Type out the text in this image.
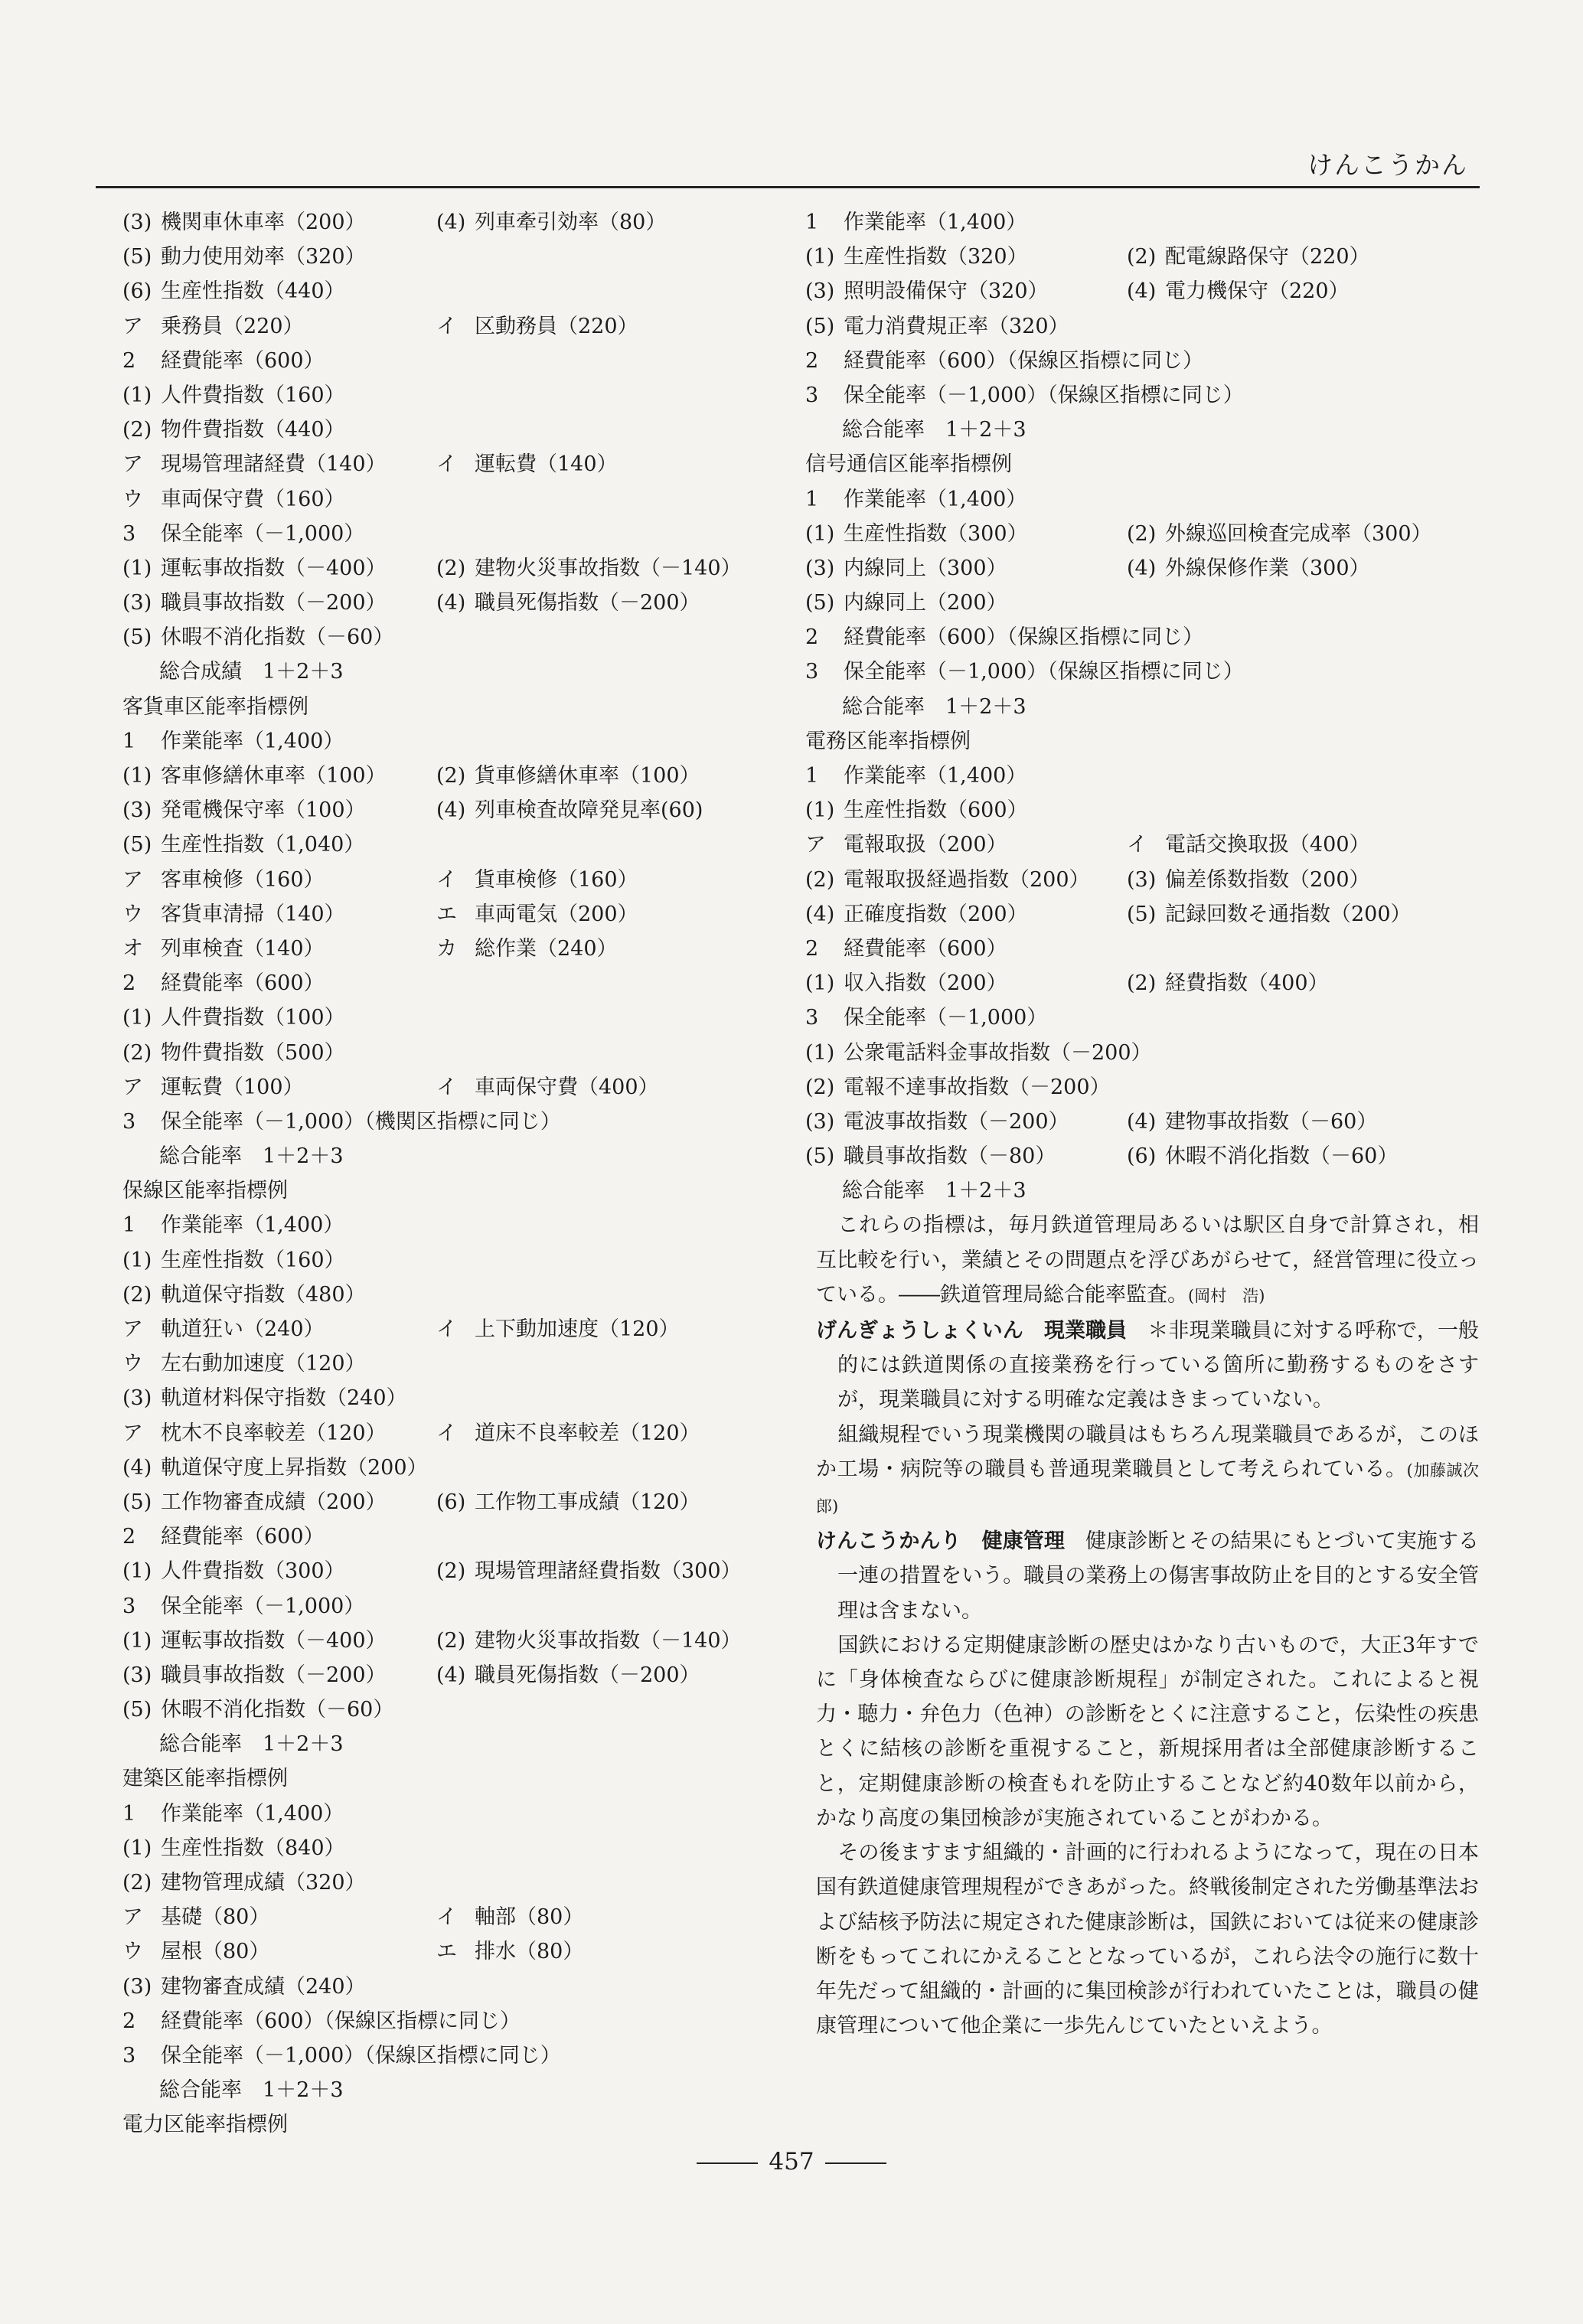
けんこうかん
(3) 機関車休車率（200）	(4) 列車牽引効率（80）
(5) 動力使用効率（320）
(6) 生産性指数（440）
ア 乗務員（220）	イ 区動務員（220）
2	経費能率（600）
(1) 人件費指数（160）
(2) 物件費指数（440）
ア 現場管理諸経費（140）	イ 運転費（140）
ウ 車両保守費（160）
3	保全能率（－1,000）
(1) 運転事故指数（－400）	(2) 建物火災事故指数（－140）
(3) 職員事故指数（－200）	(4) 職員死傷指数（－200）
(5) 休暇不消化指数（－60）
総合成績　1＋2＋3
客貨車区能率指標例
1	作業能率（1,400）
(1) 客車修繕休車率（100）	(2) 貨車修繕休車率（100）
(3) 発電機保守率（100）	(4) 列車検査故障発見率(60)
(5) 生産性指数（1,040）
ア 客車検修（160）	イ 貨車検修（160）
ウ 客貨車清掃（140）	エ 車両電気（200）
オ 列車検査（140）	カ 総作業（240）
2	経費能率（600）
(1) 人件費指数（100）
(2) 物件費指数（500）
ア 運転費（100）	イ 車両保守費（400）
3	保全能率（－1,000）（機関区指標に同じ）
総合能率　1＋2＋3
保線区能率指標例
1	作業能率（1,400）
(1) 生産性指数（160）
(2) 軌道保守指数（480）
ア 軌道狂い（240）	イ 上下動加速度（120）
ウ 左右動加速度（120）
(3) 軌道材料保守指数（240）
ア 枕木不良率較差（120）	イ 道床不良率較差（120）
(4) 軌道保守度上昇指数（200）
(5) 工作物審査成績（200）	(6) 工作物工事成績（120）
2	経費能率（600）
(1) 人件費指数（300）	(2) 現場管理諸経費指数（300）
3	保全能率（－1,000）
(1) 運転事故指数（－400）	(2) 建物火災事故指数（－140）
(3) 職員事故指数（－200）	(4) 職員死傷指数（－200）
(5) 休暇不消化指数（－60）
総合能率　1＋2＋3
建築区能率指標例
1	作業能率（1,400）
(1) 生産性指数（840）
(2) 建物管理成績（320）
ア 基礎（80）	イ 軸部（80）
ウ 屋根（80）	エ 排水（80）
(3) 建物審査成績（240）
2	経費能率（600）（保線区指標に同じ）
3	保全能率（－1,000）（保線区指標に同じ）
総合能率　1＋2＋3
電力区能率指標例
1	作業能率（1,400）
(1) 生産性指数（320）	(2) 配電線路保守（220）
(3) 照明設備保守（320）	(4) 電力機保守（220）
(5) 電力消費規正率（320）
2	経費能率（600）（保線区指標に同じ）
3	保全能率（－1,000）（保線区指標に同じ）
総合能率　1＋2＋3
信号通信区能率指標例
1	作業能率（1,400）
(1) 生産性指数（300）	(2) 外線巡回検査完成率（300）
(3) 内線同上（300）	(4) 外線保修作業（300）
(5) 内線同上（200）
2	経費能率（600）（保線区指標に同じ）
3	保全能率（－1,000）（保線区指標に同じ）
総合能率　1＋2＋3
電務区能率指標例
1	作業能率（1,400）
(1) 生産性指数（600）
ア 電報取扱（200）	イ 電話交換取扱（400）
(2) 電報取扱経過指数（200）	(3) 偏差係数指数（200）
(4) 正確度指数（200）	(5) 記録回数そ通指数（200）
2	経費能率（600）
(1) 収入指数（200）	(2) 経費指数（400）
3	保全能率（－1,000）
(1) 公衆電話料金事故指数（－200）
(2) 電報不達事故指数（－200）
(3) 電波事故指数（－200）	(4) 建物事故指数（－60）
(5) 職員事故指数（－80）	(6) 休暇不消化指数（－60）
総合能率　1＋2＋3
これらの指標は，毎月鉄道管理局あるいは駅区自身で計算され，相互比較を行い，業績とその問題点を浮びあがらせて，経営管理に役立っている。――鉄道管理局総合能率監査。(岡村　浩)
げんぎょうしょくいん　 現業職員　 ＊非現業職員に対する呼称で，一般的には鉄道関係の直接業務を行っている箇所に勤務するものをさすが，現業職員に対する明確な定義はきまっていない。
組織規程でいう現業機関の職員はもちろん現業職員であるが，このほか工場・病院等の職員も普通現業職員として考えられている。(加藤誠次郎)
けんこうかんり　 健康管理　 健康診断とその結果にもとづいて実施する一連の措置をいう。職員の業務上の傷害事故防止を目的とする安全管理は含まない。
国鉄における定期健康診断の歴史はかなり古いもので，大正3年すでに「身体検査ならびに健康診断規程」が制定された。これによると視力・聴力・弁色力（色神）の診断をとくに注意すること，伝染性の疾患とくに結核の診断を重視すること，新規採用者は全部健康診断すること，定期健康診断の検査もれを防止することなど約40数年以前から，かなり高度の集団検診が実施されていることがわかる。
その後ますます組織的・計画的に行われるようになって，現在の日本国有鉄道健康管理規程ができあがった。終戦後制定された労働基準法および結核予防法に規定された健康診断は，国鉄においては従来の健康診断をもってこれにかえることとなっているが，これら法令の施行に数十年先だって組織的・計画的に集団検診が行われていたことは，職員の健康管理について他企業に一歩先んじていたといえよう。
457
